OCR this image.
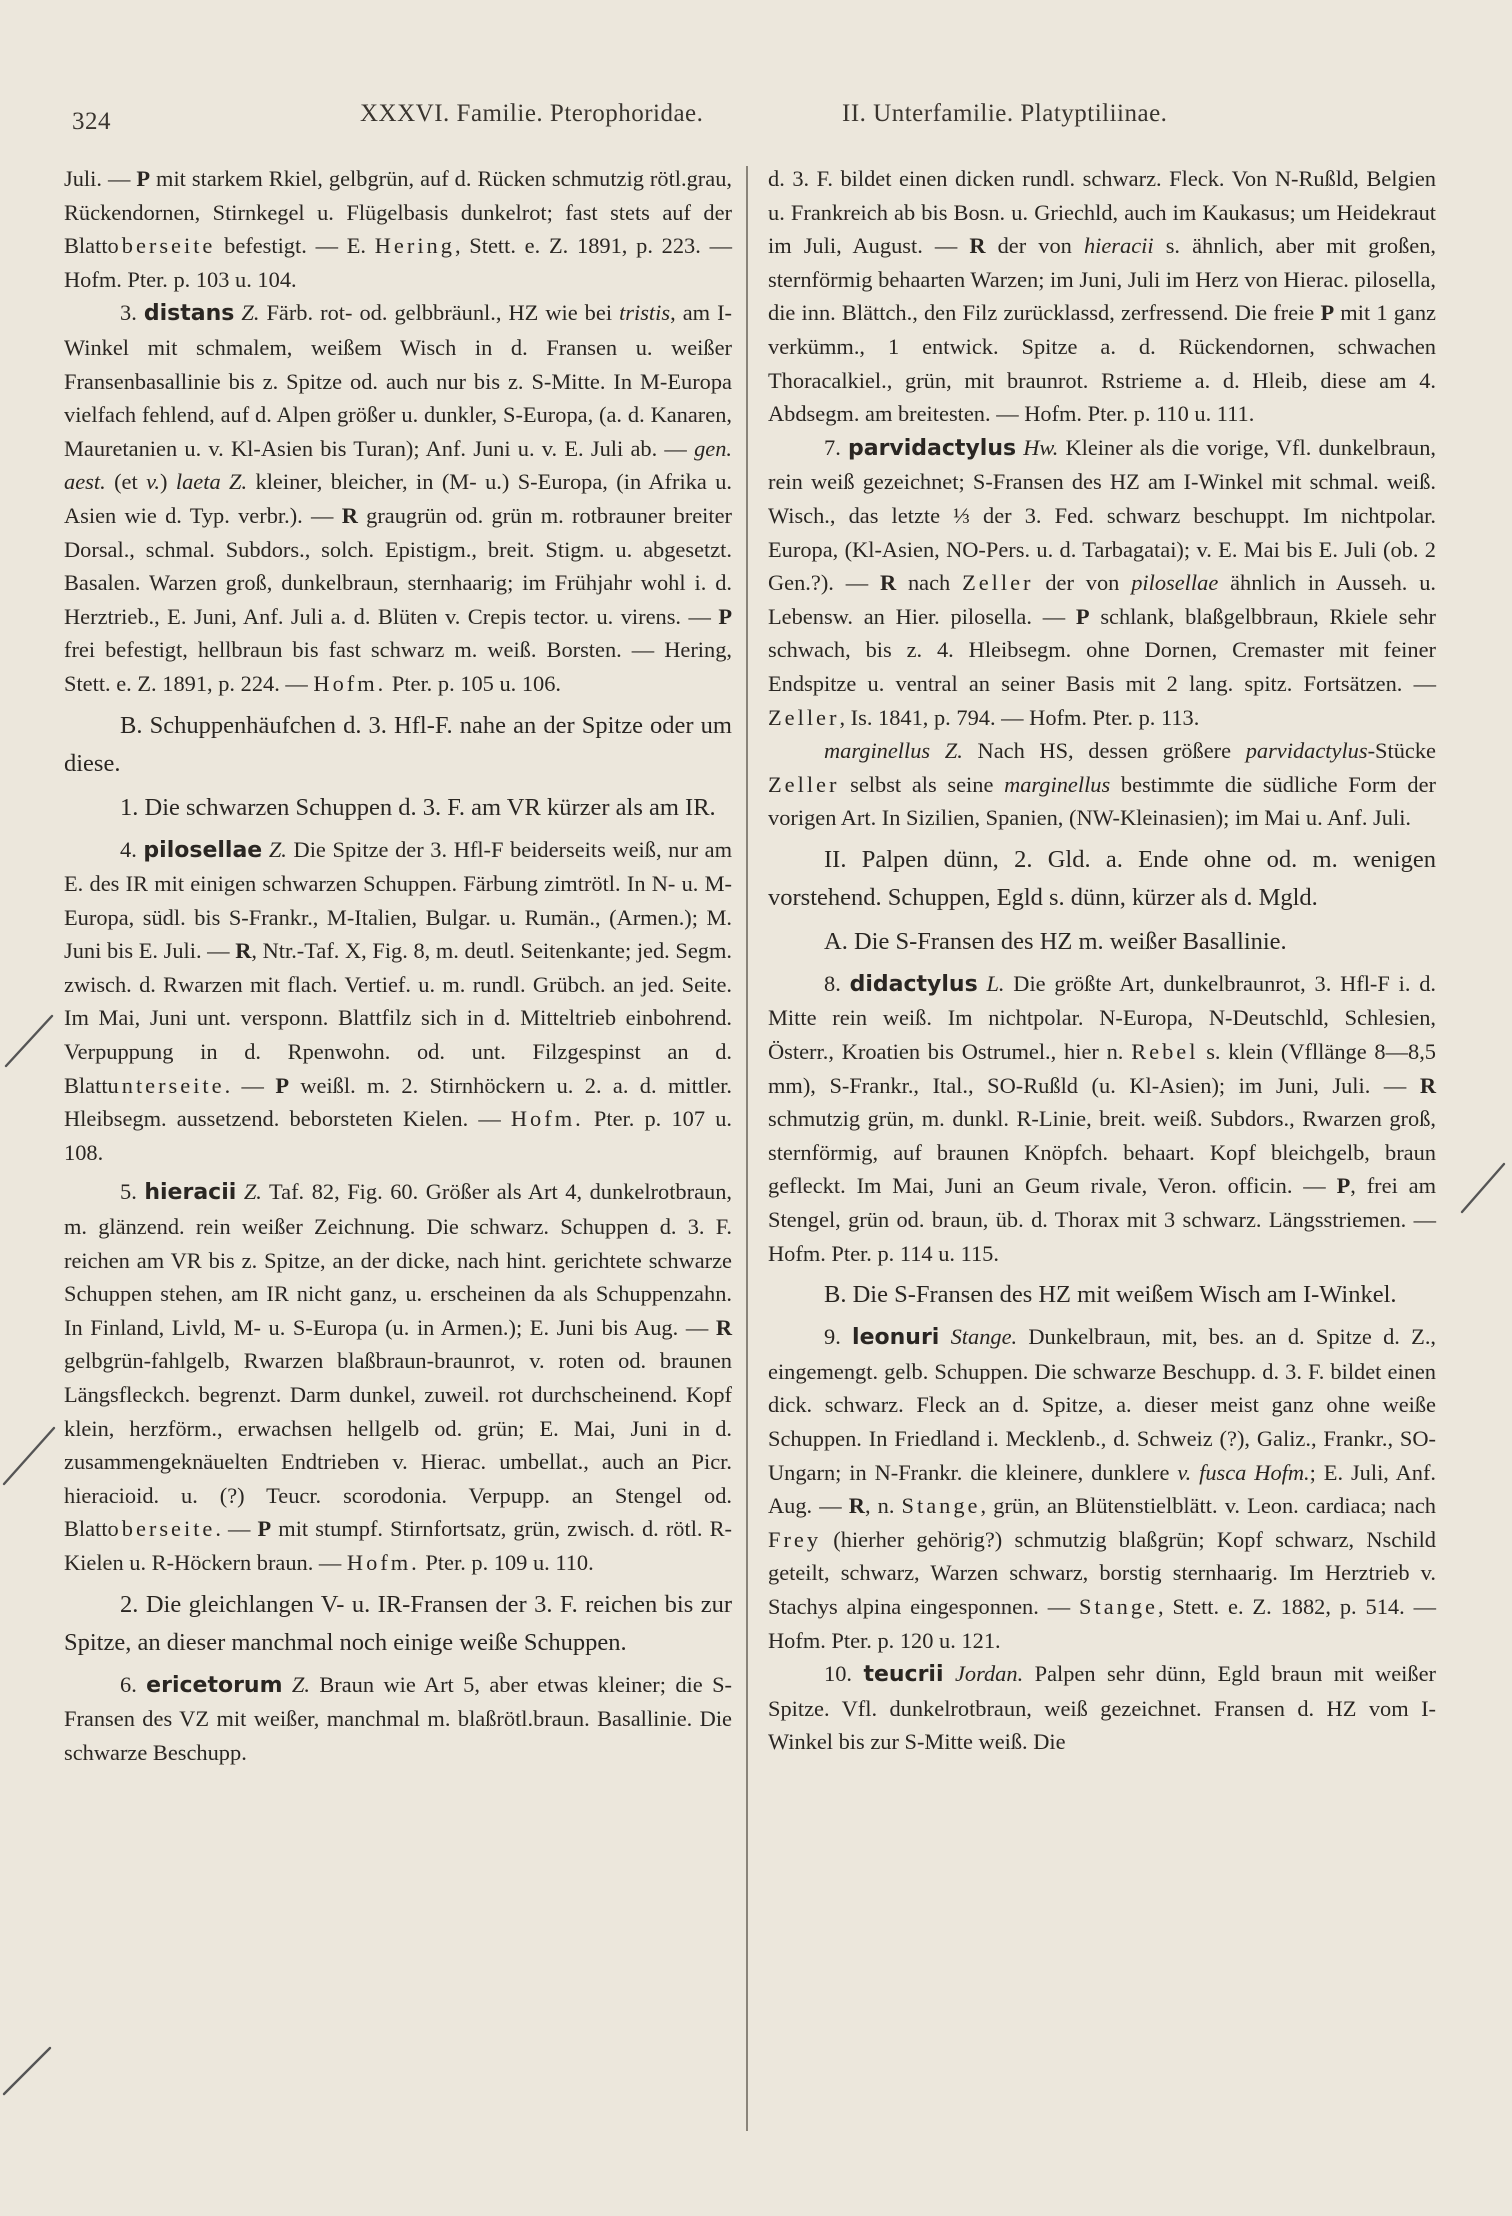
324	XXXVI. Familie. Pterophoridae.	II. Unterfamilie. Platyptiliinae.

Juli. — P mit starkem Rkiel, gelbgrün, auf d. Rücken schmutzig rötl.grau, Rückendornen, Stirnkegel u. Flügelbasis dunkelrot; fast stets auf der Blattoberseite befestigt. — E. Hering, Stett. e. Z. 1891, p. 223. — Hofm. Pter. p. 103 u. 104.

3. distans Z. Färb. rot- od. gelbbräunl., HZ wie bei tristis, am I-Winkel mit schmalem, weißem Wisch in d. Fransen u. weißer Fransenbasallinie bis z. Spitze od. auch nur bis z. S-Mitte. In M-Europa vielfach fehlend, auf d. Alpen größer u. dunkler, S-Europa, (a. d. Kanaren, Mauretanien u. v. Kl-Asien bis Turan); Anf. Juni u. v. E. Juli ab. — gen. aest. (et v.) laeta Z. kleiner, bleicher, in (M- u.) S-Europa, (in Afrika u. Asien wie d. Typ. verbr.). — R graugrün od. grün m. rotbrauner breiter Dorsal., schmal. Subdors., solch. Epistigm., breit. Stigm. u. abgesetzt. Basalen. Warzen groß, dunkelbraun, sternhaarig; im Frühjahr wohl i. d. Herztrieb., E. Juni, Anf. Juli a. d. Blüten v. Crepis tector. u. virens. — P frei befestigt, hellbraun bis fast schwarz m. weiß. Borsten. — Hering, Stett. e. Z. 1891, p. 224. — Hofm. Pter. p. 105 u. 106.

B. Schuppenhäufchen d. 3. Hfl-F. nahe an der Spitze oder um diese.

1. Die schwarzen Schuppen d. 3. F. am VR kürzer als am IR.

4. pilosellae Z. Die Spitze der 3. Hfl-F beiderseits weiß, nur am E. des IR mit einigen schwarzen Schuppen. Färbung zimtrötl. In N- u. M-Europa, südl. bis S-Frankr., M-Italien, Bulgar. u. Rumän., (Armen.); M. Juni bis E. Juli. — R, Ntr.-Taf. X, Fig. 8, m. deutl. Seitenkante; jed. Segm. zwisch. d. Rwarzen mit flach. Vertief. u. m. rundl. Grübch. an jed. Seite. Im Mai, Juni unt. versponn. Blattfilz sich in d. Mitteltrieb einbohrend. Verpuppung in d. Rpenwohn. od. unt. Filzgespinst an d. Blattunterseite. — P weißl. m. 2. Stirnhöckern u. 2. a. d. mittler. Hleibsegm. aussetzend. beborsteten Kielen. — Hofm. Pter. p. 107 u. 108.

5. hieracii Z. Taf. 82, Fig. 60. Größer als Art 4, dunkelrotbraun, m. glänzend. rein weißer Zeichnung. Die schwarz. Schuppen d. 3. F. reichen am VR bis z. Spitze, an der dicke, nach hint. gerichtete schwarze Schuppen stehen, am IR nicht ganz, u. erscheinen da als Schuppenzahn. In Finland, Livld, M- u. S-Europa (u. in Armen.); E. Juni bis Aug. — R gelbgrün-fahlgelb, Rwarzen blaßbraun-braunrot, v. roten od. braunen Längsfleckch. begrenzt. Darm dunkel, zuweil. rot durchscheinend. Kopf klein, herzförm., erwachsen hellgelb od. grün; E. Mai, Juni in d. zusammengeknäuelten Endtrieben v. Hierac. umbellat., auch an Picr. hieracioid. u. (?) Teucr. scorodonia. Verpupp. an Stengel od. Blattoberseite. — P mit stumpf. Stirnfortsatz, grün, zwisch. d. rötl. R-Kielen u. R-Höckern braun. — Hofm. Pter. p. 109 u. 110.

2. Die gleichlangen V- u. IR-Fransen der 3. F. reichen bis zur Spitze, an dieser manchmal noch einige weiße Schuppen.

6. ericetorum Z. Braun wie Art 5, aber etwas kleiner; die S-Fransen des VZ mit weißer, manchmal m. blaßrötl.braun. Basallinie. Die schwarze Beschupp.

d. 3. F. bildet einen dicken rundl. schwarz. Fleck. Von N-Rußld, Belgien u. Frankreich ab bis Bosn. u. Griechld, auch im Kaukasus; um Heidekraut im Juli, August. — R der von hieracii s. ähnlich, aber mit großen, sternförmig behaarten Warzen; im Juni, Juli im Herz von Hierac. pilosella, die inn. Blättch., den Filz zurücklassd, zerfressend. Die freie P mit 1 ganz verkümm., 1 entwick. Spitze a. d. Rückendornen, schwachen Thoracalkiel., grün, mit braunrot. Rstrieme a. d. Hleib, diese am 4. Abdsegm. am breitesten. — Hofm. Pter. p. 110 u. 111.

7. parvidactylus Hw. Kleiner als die vorige, Vfl. dunkelbraun, rein weiß gezeichnet; S-Fransen des HZ am I-Winkel mit schmal. weiß. Wisch., das letzte ⅓ der 3. Fed. schwarz beschuppt. Im nichtpolar. Europa, (Kl-Asien, NO-Pers. u. d. Tarbagatai); v. E. Mai bis E. Juli (ob. 2 Gen.?). — R nach Zeller der von pilosellae ähnlich in Ausseh. u. Lebensw. an Hier. pilosella. — P schlank, blaßgelbbraun, Rkiele sehr schwach, bis z. 4. Hleibsegm. ohne Dornen, Cremaster mit feiner Endspitze u. ventral an seiner Basis mit 2 lang. spitz. Fortsätzen. — Zeller, Is. 1841, p. 794. — Hofm. Pter. p. 113.

marginellus Z. Nach HS, dessen größere parvidactylus-Stücke Zeller selbst als seine marginellus bestimmte die südliche Form der vorigen Art. In Sizilien, Spanien, (NW-Kleinasien); im Mai u. Anf. Juli.

II. Palpen dünn, 2. Gld. a. Ende ohne od. m. wenigen vorstehend. Schuppen, Egld s. dünn, kürzer als d. Mgld.

A. Die S-Fransen des HZ m. weißer Basallinie.

8. didactylus L. Die größte Art, dunkelbraunrot, 3. Hfl-F i. d. Mitte rein weiß. Im nichtpolar. N-Europa, N-Deutschld, Schlesien, Österr., Kroatien bis Ostrumel., hier n. Rebel s. klein (Vfllänge 8—8,5 mm), S-Frankr., Ital., SO-Rußld (u. Kl-Asien); im Juni, Juli. — R schmutzig grün, m. dunkl. R-Linie, breit. weiß. Subdors., Rwarzen groß, sternförmig, auf braunen Knöpfch. behaart. Kopf bleichgelb, braun gefleckt. Im Mai, Juni an Geum rivale, Veron. officin. — P, frei am Stengel, grün od. braun, üb. d. Thorax mit 3 schwarz. Längsstriemen. — Hofm. Pter. p. 114 u. 115.

B. Die S-Fransen des HZ mit weißem Wisch am I-Winkel.

9. leonuri Stange. Dunkelbraun, mit, bes. an d. Spitze d. Z., eingemengt. gelb. Schuppen. Die schwarze Beschupp. d. 3. F. bildet einen dick. schwarz. Fleck an d. Spitze, a. dieser meist ganz ohne weiße Schuppen. In Friedland i. Mecklenb., d. Schweiz (?), Galiz., Frankr., SO-Ungarn; in N-Frankr. die kleinere, dunklere v. fusca Hofm.; E. Juli, Anf. Aug. — R, n. Stange, grün, an Blütenstielblätt. v. Leon. cardiaca; nach Frey (hierher gehörig?) schmutzig blaßgrün; Kopf schwarz, Nschild geteilt, schwarz, Warzen schwarz, borstig sternhaarig. Im Herztrieb v. Stachys alpina eingesponnen. — Stange, Stett. e. Z. 1882, p. 514. — Hofm. Pter. p. 120 u. 121.

10. teucrii Jordan. Palpen sehr dünn, Egld braun mit weißer Spitze. Vfl. dunkelrotbraun, weiß gezeichnet. Fransen d. HZ vom I-Winkel bis zur S-Mitte weiß. Die
